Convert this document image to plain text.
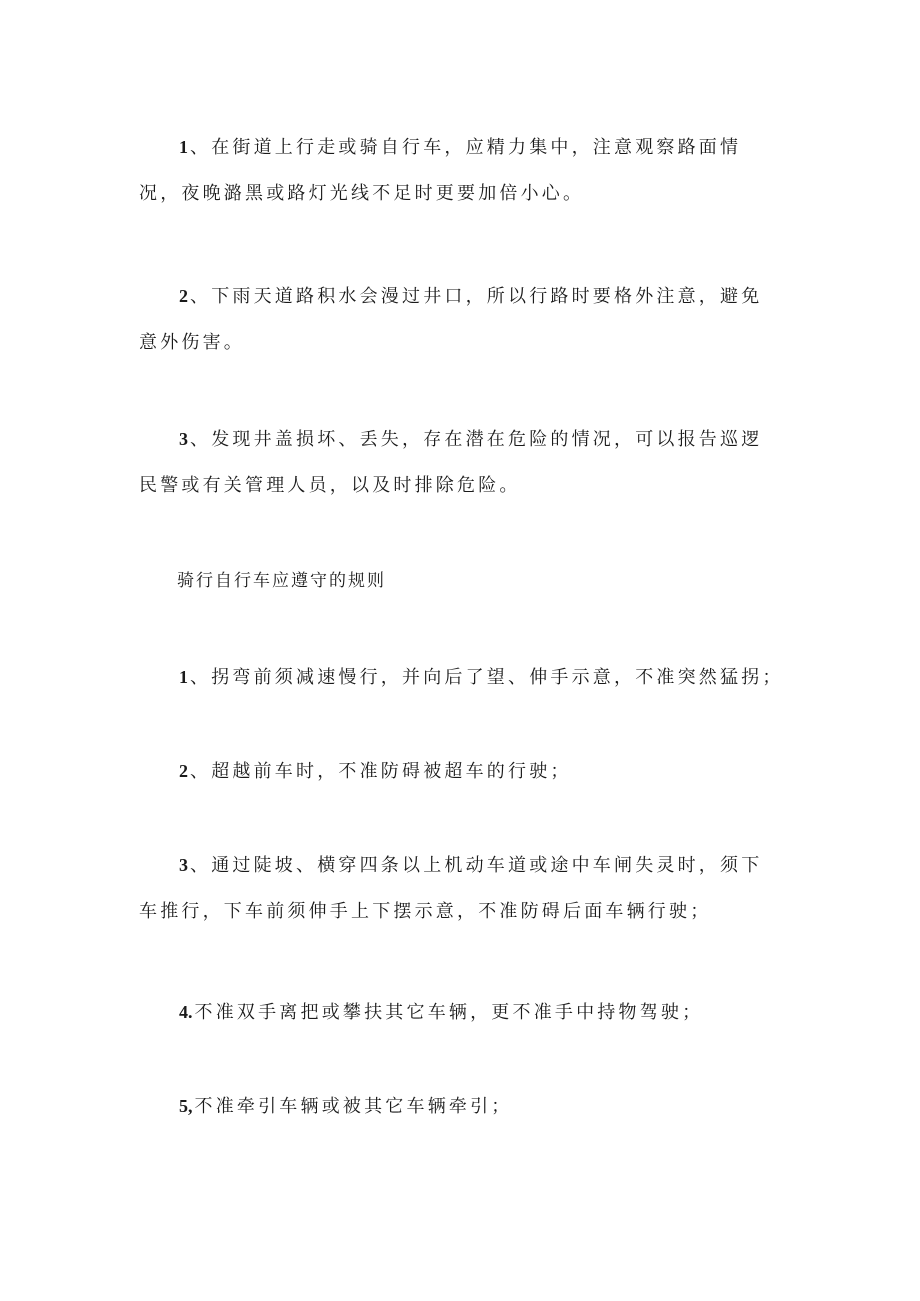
1 、在街道上行走或骑自行车，应精力集中，注意观察路面情况，夜晚潞黑或路灯光线不足时更要加倍小心。

2 、下雨天道路积水会漫过井口，所以行路时要格外注意，避免意外伤害。

3 、发现井盖损坏、丢失，存在潜在危险的情况，可以报告巡逻民警或有关管理人员，以及时排除危险。

骑行自行车应遵守的规则

1 、拐弯前须减速慢行，并向后了望、伸手示意，不准突然猛拐；

2 、超越前车时，不准防碍被超车的行驶；

3 、通过陡坡、横穿四条以上机动车道或途中车闸失灵时，须下车推行，下车前须伸手上下摆示意，不准防碍后面车辆行驶；

4. 不准双手离把或攀扶其它车辆，更不准手中持物驾驶；

5, 不准牵引车辆或被其它车辆牵引；
